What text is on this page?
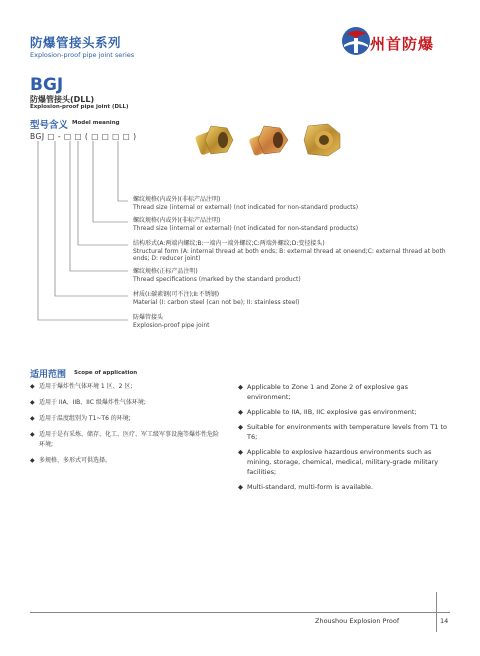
防爆管接头系列
Explosion-proof pipe joint series
州首防爆
BGJ
防爆管接头(DLL)
Explosion-proof pipe joint (DLL)
型号含义 Model meaning
BGJ □ - □ □ ( □ □ □ □ )
螺纹规格(内或外)(非标产品注明)
Thread size (internal or external) (not indicated for non-standard products)
螺纹规格(内或外)(非标产品注明)
Thread size (internal or external) (not indicated for non-standard products)
结构形式(A:两端内螺纹;B:一端内一端外螺纹;C:两端外螺纹;D:变径接头)
Structural form (A: internal thread at both ends; B: external thread at oneend;C: external thread at both ends; D: reducer joint)
螺纹规格(正标产品注明)
Thread specifications (marked by the standard product)
材质(Ⅰ:碳素钢(可不注);Ⅱ:不锈钢)
Material (I: carbon steel (can not be); II: stainless steel)
防爆管接头
Explosion-proof pipe joint
适用范围 Scope of application
◆ 适用于爆炸性气体环境 1 区、2 区;
◆ 适用于 IIA、IIB、IIC 级爆炸性气体环境;
◆ 适用于温度组别为 T1~T6 的环境;
◆ 适用于是有采炼、储存、化工、医疗、军工级军事设施等爆炸性危险环境;
◆ 多规格、多形式可供选择。
◆ Applicable to Zone 1 and Zone 2 of explosive gas environment;
◆ Applicable to IIA, IIB, IIC explosive gas environment;
◆ Suitable for environments with temperature levels from T1 to T6;
◆ Applicable to explosive hazardous environments such as mining, storage, chemical, medical, military-grade military facilities;
◆ Multi-standard, multi-form is available.
Zhoushou Explosion Proof	14
